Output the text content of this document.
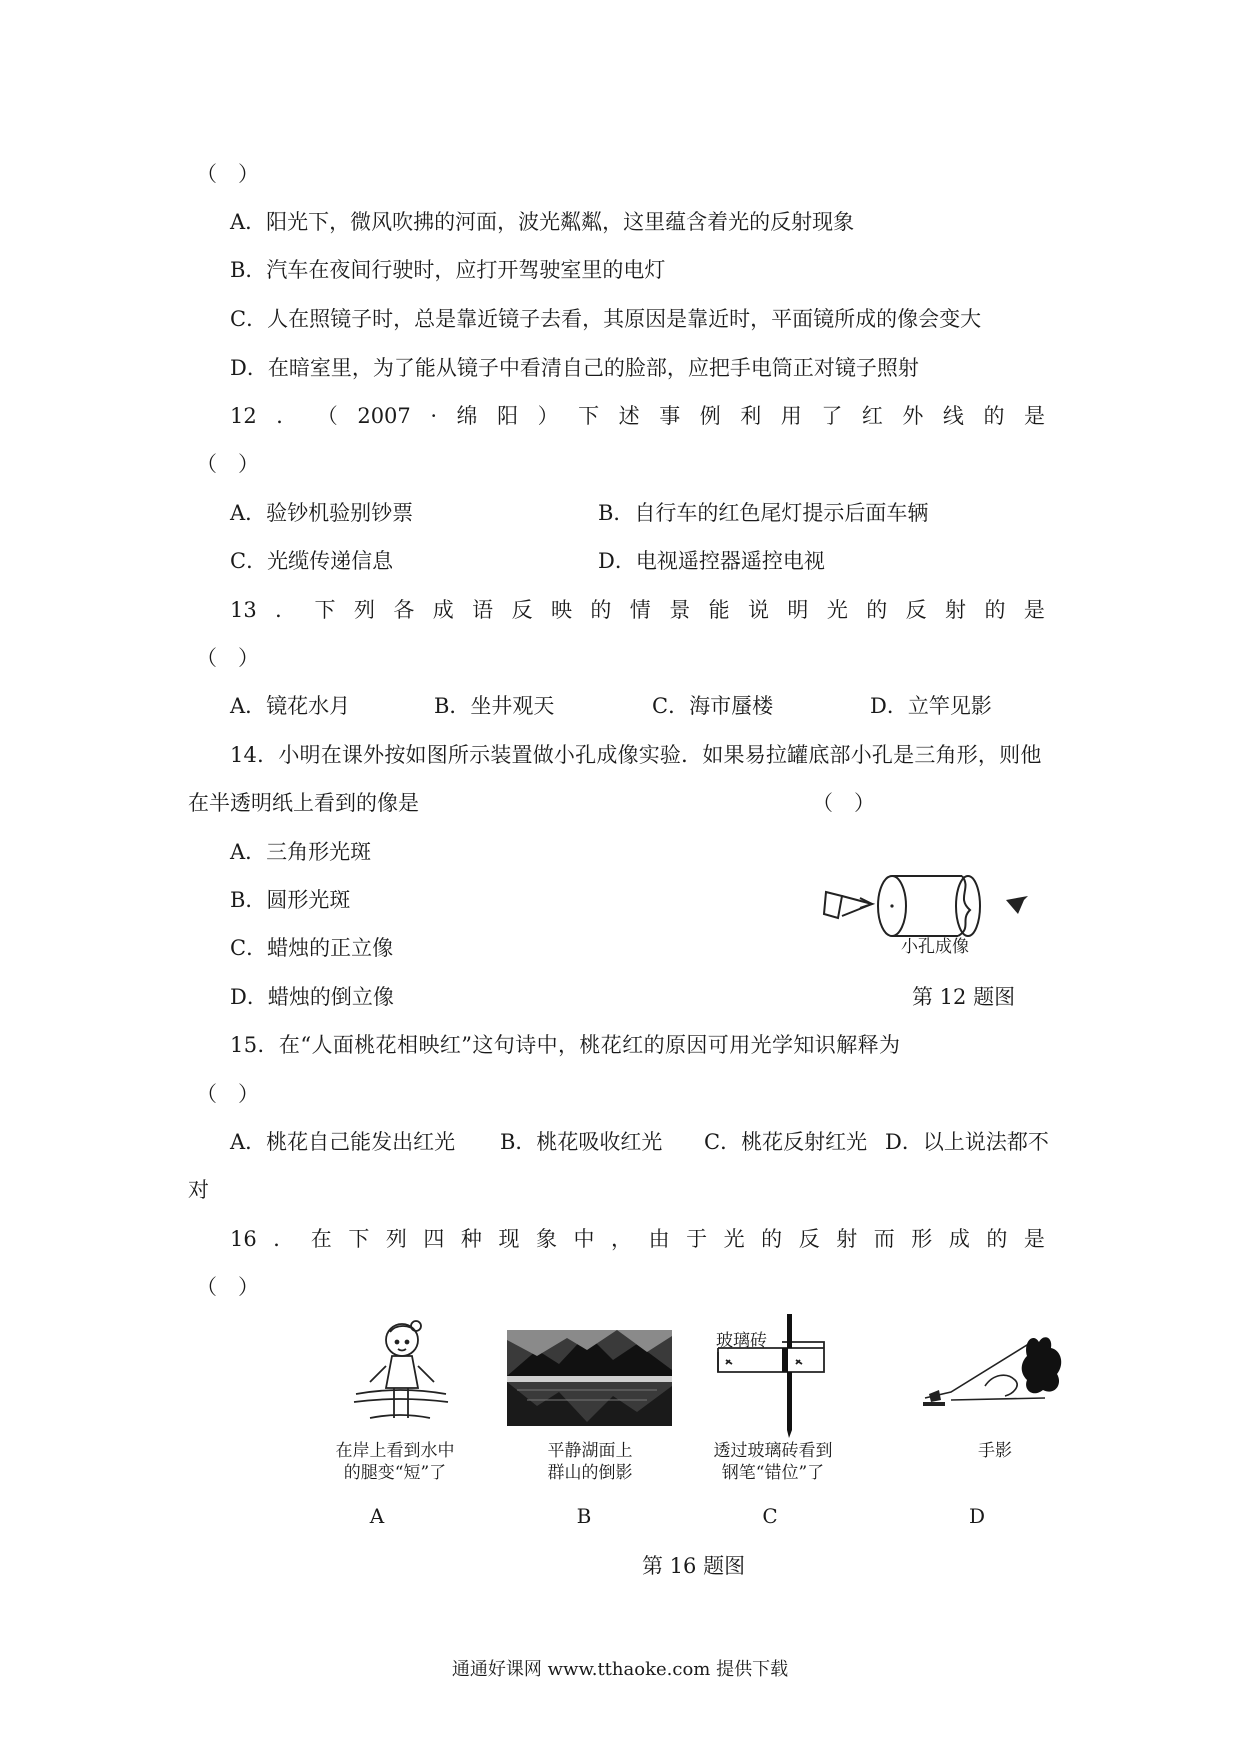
（　）
A．阳光下，微风吹拂的河面，波光粼粼，这里蕴含着光的反射现象
B．汽车在夜间行驶时，应打开驾驶室里的电灯
C．人在照镜子时，总是靠近镜子去看，其原因是靠近时，平面镜所成的像会变大
D．在暗室里，为了能从镜子中看清自己的脸部，应把手电筒正对镜子照射
12 ． （ 2007 · 绵 阳 ） 下 述 事 例 利 用 了 红 外 线 的 是
（　）
A．验钞机验别钞票	B．自行车的红色尾灯提示后面车辆
C．光缆传递信息	D．电视遥控器遥控电视
13 ． 下 列 各 成 语 反 映 的 情 景 能 说 明 光 的 反 射 的 是
（　）
A．镜花水月	B．坐井观天	C．海市蜃楼	D．立竿见影
14．小明在课外按如图所示装置做小孔成像实验．如果易拉罐底部小孔是三角形，则他
在半透明纸上看到的像是	（　）
A．三角形光斑
B．圆形光斑
C．蜡烛的正立像
D．蜡烛的倒立像
小孔成像
第 12 题图
15．在“人面桃花相映红”这句诗中，桃花红的原因可用光学知识解释为
（　）
A．桃花自己能发出红光 B．桃花吸收红光 C．桃花反射红光 D．以上说法都不
对
16 ． 在 下 列 四 种 现 象 中 ， 由 于 光 的 反 射 而 形 成 的 是
（　）
玻璃砖
在岸上看到水中
的腿变“短”了
平静湖面上
群山的倒影
透过玻璃砖看到
钢笔“错位”了
手影
A	B	C	D
第 16 题图
通通好课网 www.tthaoke.com 提供下载
